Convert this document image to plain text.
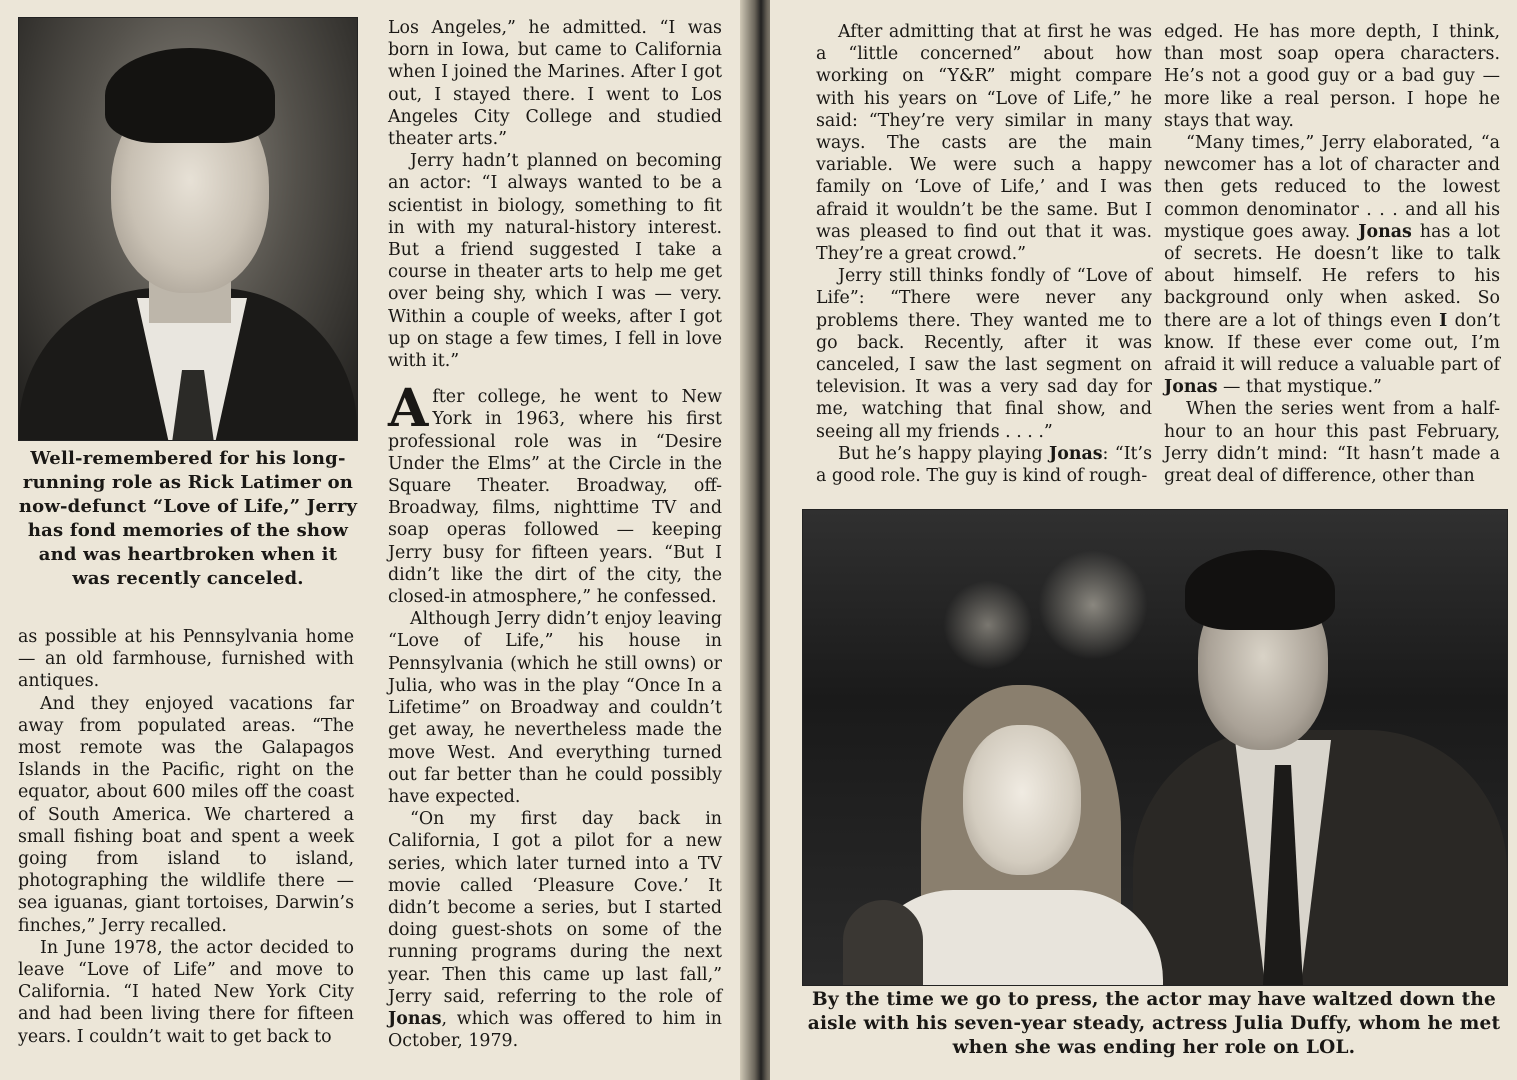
Well-remembered for his long-running role as Rick Latimer on now-defunct “Love of Life,” Jerry has fond memories of the show and was heartbroken when it was recently canceled.

as possible at his Pennsylvania home — an old farmhouse, furnished with antiques.

And they enjoyed vacations far away from populated areas. “The most remote was the Galapagos Islands in the Pacific, right on the equator, about 600 miles off the coast of South America. We chartered a small fishing boat and spent a week going from island to island, photographing the wildlife there — sea iguanas, giant tortoises, Darwin’s finches,” Jerry recalled.

In June 1978, the actor decided to leave “Love of Life” and move to California. “I hated New York City and had been living there for fifteen years. I couldn’t wait to get back to

Los Angeles,” he admitted. “I was born in Iowa, but came to California when I joined the Marines. After I got out, I stayed there. I went to Los Angeles City College and studied theater arts.”

Jerry hadn’t planned on becoming an actor: “I always wanted to be a scientist in biology, something to fit in with my natural-history interest. But a friend suggested I take a course in theater arts to help me get over being shy, which I was — very. Within a couple of weeks, after I got up on stage a few times, I fell in love with it.”

After college, he went to New York in 1963, where his first professional role was in “Desire Under the Elms” at the Circle in the Square Theater. Broadway, off-Broadway, films, nighttime TV and soap operas followed — keeping Jerry busy for fifteen years. “But I didn’t like the dirt of the city, the closed-in atmosphere,” he confessed.

Although Jerry didn’t enjoy leaving “Love of Life,” his house in Pennsylvania (which he still owns) or Julia, who was in the play “Once In a Lifetime” on Broadway and couldn’t get away, he nevertheless made the move West. And everything turned out far better than he could possibly have expected.

“On my first day back in California, I got a pilot for a new series, which later turned into a TV movie called ‘Pleasure Cove.’ It didn’t become a series, but I started doing guest-shots on some of the running programs during the next year. Then this came up last fall,” Jerry said, referring to the role of Jonas, which was offered to him in October, 1979.

After admitting that at first he was a “little concerned” about how working on “Y&R” might compare with his years on “Love of Life,” he said: “They’re very similar in many ways. The casts are the main variable. We were such a happy family on ‘Love of Life,’ and I was afraid it wouldn’t be the same. But I was pleased to find out that it was. They’re a great crowd.”

Jerry still thinks fondly of “Love of Life”: “There were never any problems there. They wanted me to go back. Recently, after it was canceled, I saw the last segment on television. It was a very sad day for me, watching that final show, and seeing all my friends . . . .”

But he’s happy playing Jonas: “It’s a good role. The guy is kind of rough-

edged. He has more depth, I think, than most soap opera characters. He’s not a good guy or a bad guy — more like a real person. I hope he stays that way.

“Many times,” Jerry elaborated, “a newcomer has a lot of character and then gets reduced to the lowest common denominator . . . and all his mystique goes away. Jonas has a lot of secrets. He doesn’t like to talk about himself. He refers to his background only when asked. So there are a lot of things even I don’t know. If these ever come out, I’m afraid it will reduce a valuable part of Jonas — that mystique.”

When the series went from a half-hour to an hour this past February, Jerry didn’t mind: “It hasn’t made a great deal of difference, other than

By the time we go to press, the actor may have waltzed down the aisle with his seven-year steady, actress Julia Duffy, whom he met when she was ending her role on LOL.
